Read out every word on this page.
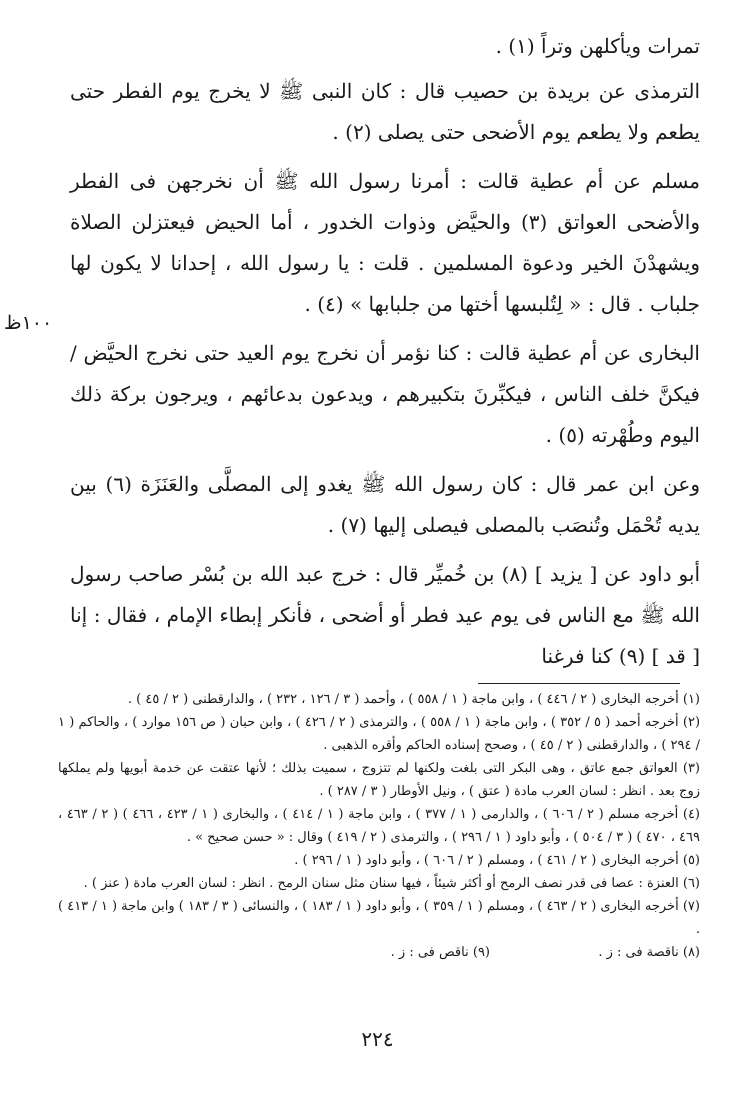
تمرات ويأكلهن وتراً (١) .

الترمذى عن بريدة بن حصيب قال : كان النبى ﷺ لا يخرج يوم الفطر حتى يطعم ولا يطعم يوم الأضحى حتى يصلى (٢) .

مسلم عن أم عطية قالت : أمرنا رسول الله ﷺ أن نخرجهن فى الفطر والأضحى العواتق (٣) والحيَّض وذوات الخدور ، أما الحيض فيعتزلن الصلاة ويشهدْنَ الخير ودعوة المسلمين . قلت : يا رسول الله ، إحدانا لا يكون لها جلباب . قال : « لِتُلبسها أختها من جلبابها » (٤) .

البخارى عن أم عطية قالت : كنا نؤمر أن نخرج يوم العيد حتى نخرج الحيَّض / فيكنَّ خلف الناس ، فيكبِّرنَ بتكبيرهم ، ويدعون بدعائهم ، ويرجون بركة ذلك اليوم وطُهْرته (٥) .

وعن ابن عمر قال : كان رسول الله ﷺ يغدو إلى المصلَّى والعَنَزَة (٦) بين يديه تُحْمَل وتُنصَب بالمصلى فيصلى إليها (٧) .

أبو داود عن [ يزيد ] (٨) بن خُميِّر قال : خرج عبد الله بن بُسْر صاحب رسول الله ﷺ مع الناس فى يوم عيد فطر أو أضحى ، فأنكر إبطاء الإمام ، فقال : إنا [ قد ] (٩) كنا فرغنا

١٠٠ظ

(١) أخرجه البخارى ( ٢ / ٤٤٦ ) ، وابن ماجة ( ١ / ٥٥٨ ) ، وأحمد ( ٣ / ١٢٦ ، ٢٣٢ ) ، والدارقطنى ( ٢ / ٤٥ ) .

(٢) أخرجه أحمد ( ٥ / ٣٥٢ ) ، وابن ماجة ( ١ / ٥٥٨ ) ، والترمذى ( ٢ / ٤٢٦ ) ، وابن حبان ( ص ١٥٦ موارد ) ، والحاكم ( ١ / ٢٩٤ ) ، والدارقطنى ( ٢ / ٤٥ ) ، وصحح إسناده الحاكم وأقره الذهبى .

(٣) العواتق جمع عاتق ، وهى البكر التى بلغت ولكنها لم تتزوج ، سميت بذلك ؛ لأنها عتقت عن خدمة أبويها ولم يملكها زوج بعد . انظر : لسان العرب مادة ( عتق ) ، ونيل الأوطار ( ٣ / ٢٨٧ ) .

(٤) أخرجه مسلم ( ٢ / ٦٠٦ ) ، والدارمى ( ١ / ٣٧٧ ) ، وابن ماجة ( ١ / ٤١٤ ) ، والبخارى ( ١ / ٤٢٣ ، ٤٦٦ ) ( ٢ / ٤٦٣ ، ٤٦٩ ، ٤٧٠ ) ( ٣ / ٥٠٤ ) ، وأبو داود ( ١ / ٢٩٦ ) ، والترمذى ( ٢ / ٤١٩ ) وقال : « حسن صحيح » .

(٥) أخرجه البخارى ( ٢ / ٤٦١ ) ، ومسلم ( ٢ / ٦٠٦ ) ، وأبو داود ( ١ / ٢٩٦ ) .

(٦) العنزة : عصا فى قدر نصف الرمح أو أكثر شيئاً ، فيها سنان مثل سنان الرمح . انظر : لسان العرب مادة ( عنز ) .

(٧) أخرجه البخارى ( ٢ / ٤٦٣ ) ، ومسلم ( ١ / ٣٥٩ ) ، وأبو داود ( ١ / ١٨٣ ) ، والنسائى ( ٣ / ١٨٣ ) وابن ماجة ( ١ / ٤١٣ ) .

(٨) ناقصة فى : ز .
(٩) ناقص فى : ز .
٢٢٤
